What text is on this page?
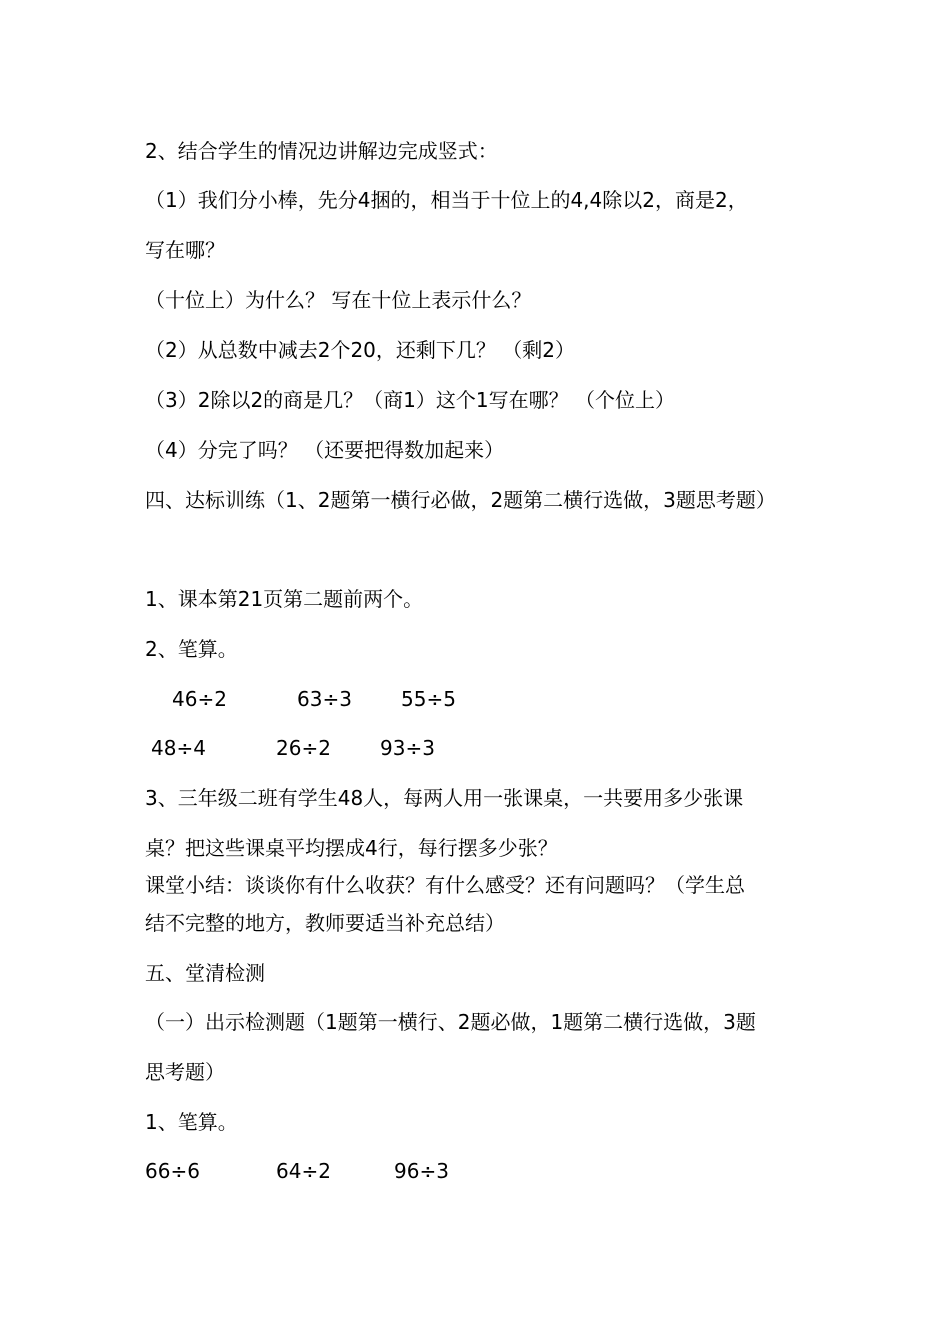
2、结合学生的情况边讲解边完成竖式：
（1）我们分小棒，先分4捆的，相当于十位上的4,4除以2，商是2，
写在哪？
（十位上）为什么？ 写在十位上表示什么？
（2）从总数中减去2个20，还剩下几？ （剩2）
（3）2除以2的商是几？（商1）这个1写在哪？ （个位上）
（4）分完了吗？ （还要把得数加起来）
四、达标训练（1、2题第一横行必做，2题第二横行选做，3题思考题）
1、课本第21页第二题前两个。
2、笔算。
46÷2	63÷3 55÷5
48÷4	26÷2 93÷3
3、三年级二班有学生48人，每两人用一张课桌，一共要用多少张课
桌？把这些课桌平均摆成4行，每行摆多少张？
课堂小结：谈谈你有什么收获？有什么感受？还有问题吗？（学生总
结不完整的地方，教师要适当补充总结）
五、堂清检测
（一）出示检测题（1题第一横行、2题必做，1题第二横行选做，3题
思考题）
1、笔算。
66÷6	64÷2	96÷3
